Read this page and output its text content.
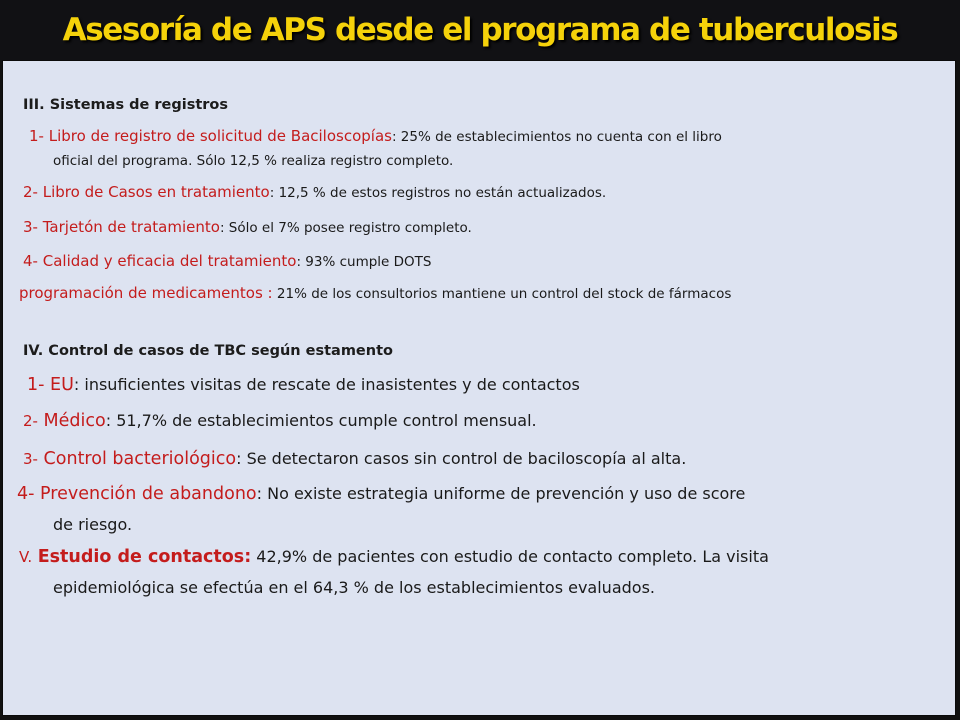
Asesoría de APS desde el programa de tuberculosis
III. Sistemas de registros
1- Libro de registro de solicitud de Baciloscopías: 25% de establecimientos no cuenta con el libro
oficial del programa. Sólo 12,5 % realiza registro completo.
2- Libro de Casos en tratamiento: 12,5 % de estos registros no están actualizados.
3- Tarjetón de tratamiento: Sólo el 7% posee registro completo.
4- Calidad y eficacia del tratamiento: 93% cumple DOTS
programación de medicamentos : 21% de los consultorios mantiene un control del stock de fármacos
IV. Control de casos de TBC según estamento
1- EU: insuficientes visitas de rescate de inasistentes y de contactos
2- Médico: 51,7% de establecimientos cumple control mensual.
3- Control bacteriológico: Se detectaron casos sin control de baciloscopía al alta.
4- Prevención de abandono: No existe estrategia uniforme de prevención y uso de score
de riesgo.
V. Estudio de contactos: 42,9% de pacientes con estudio de contacto completo. La visita
epidemiológica se efectúa en el 64,3 % de los establecimientos evaluados.
